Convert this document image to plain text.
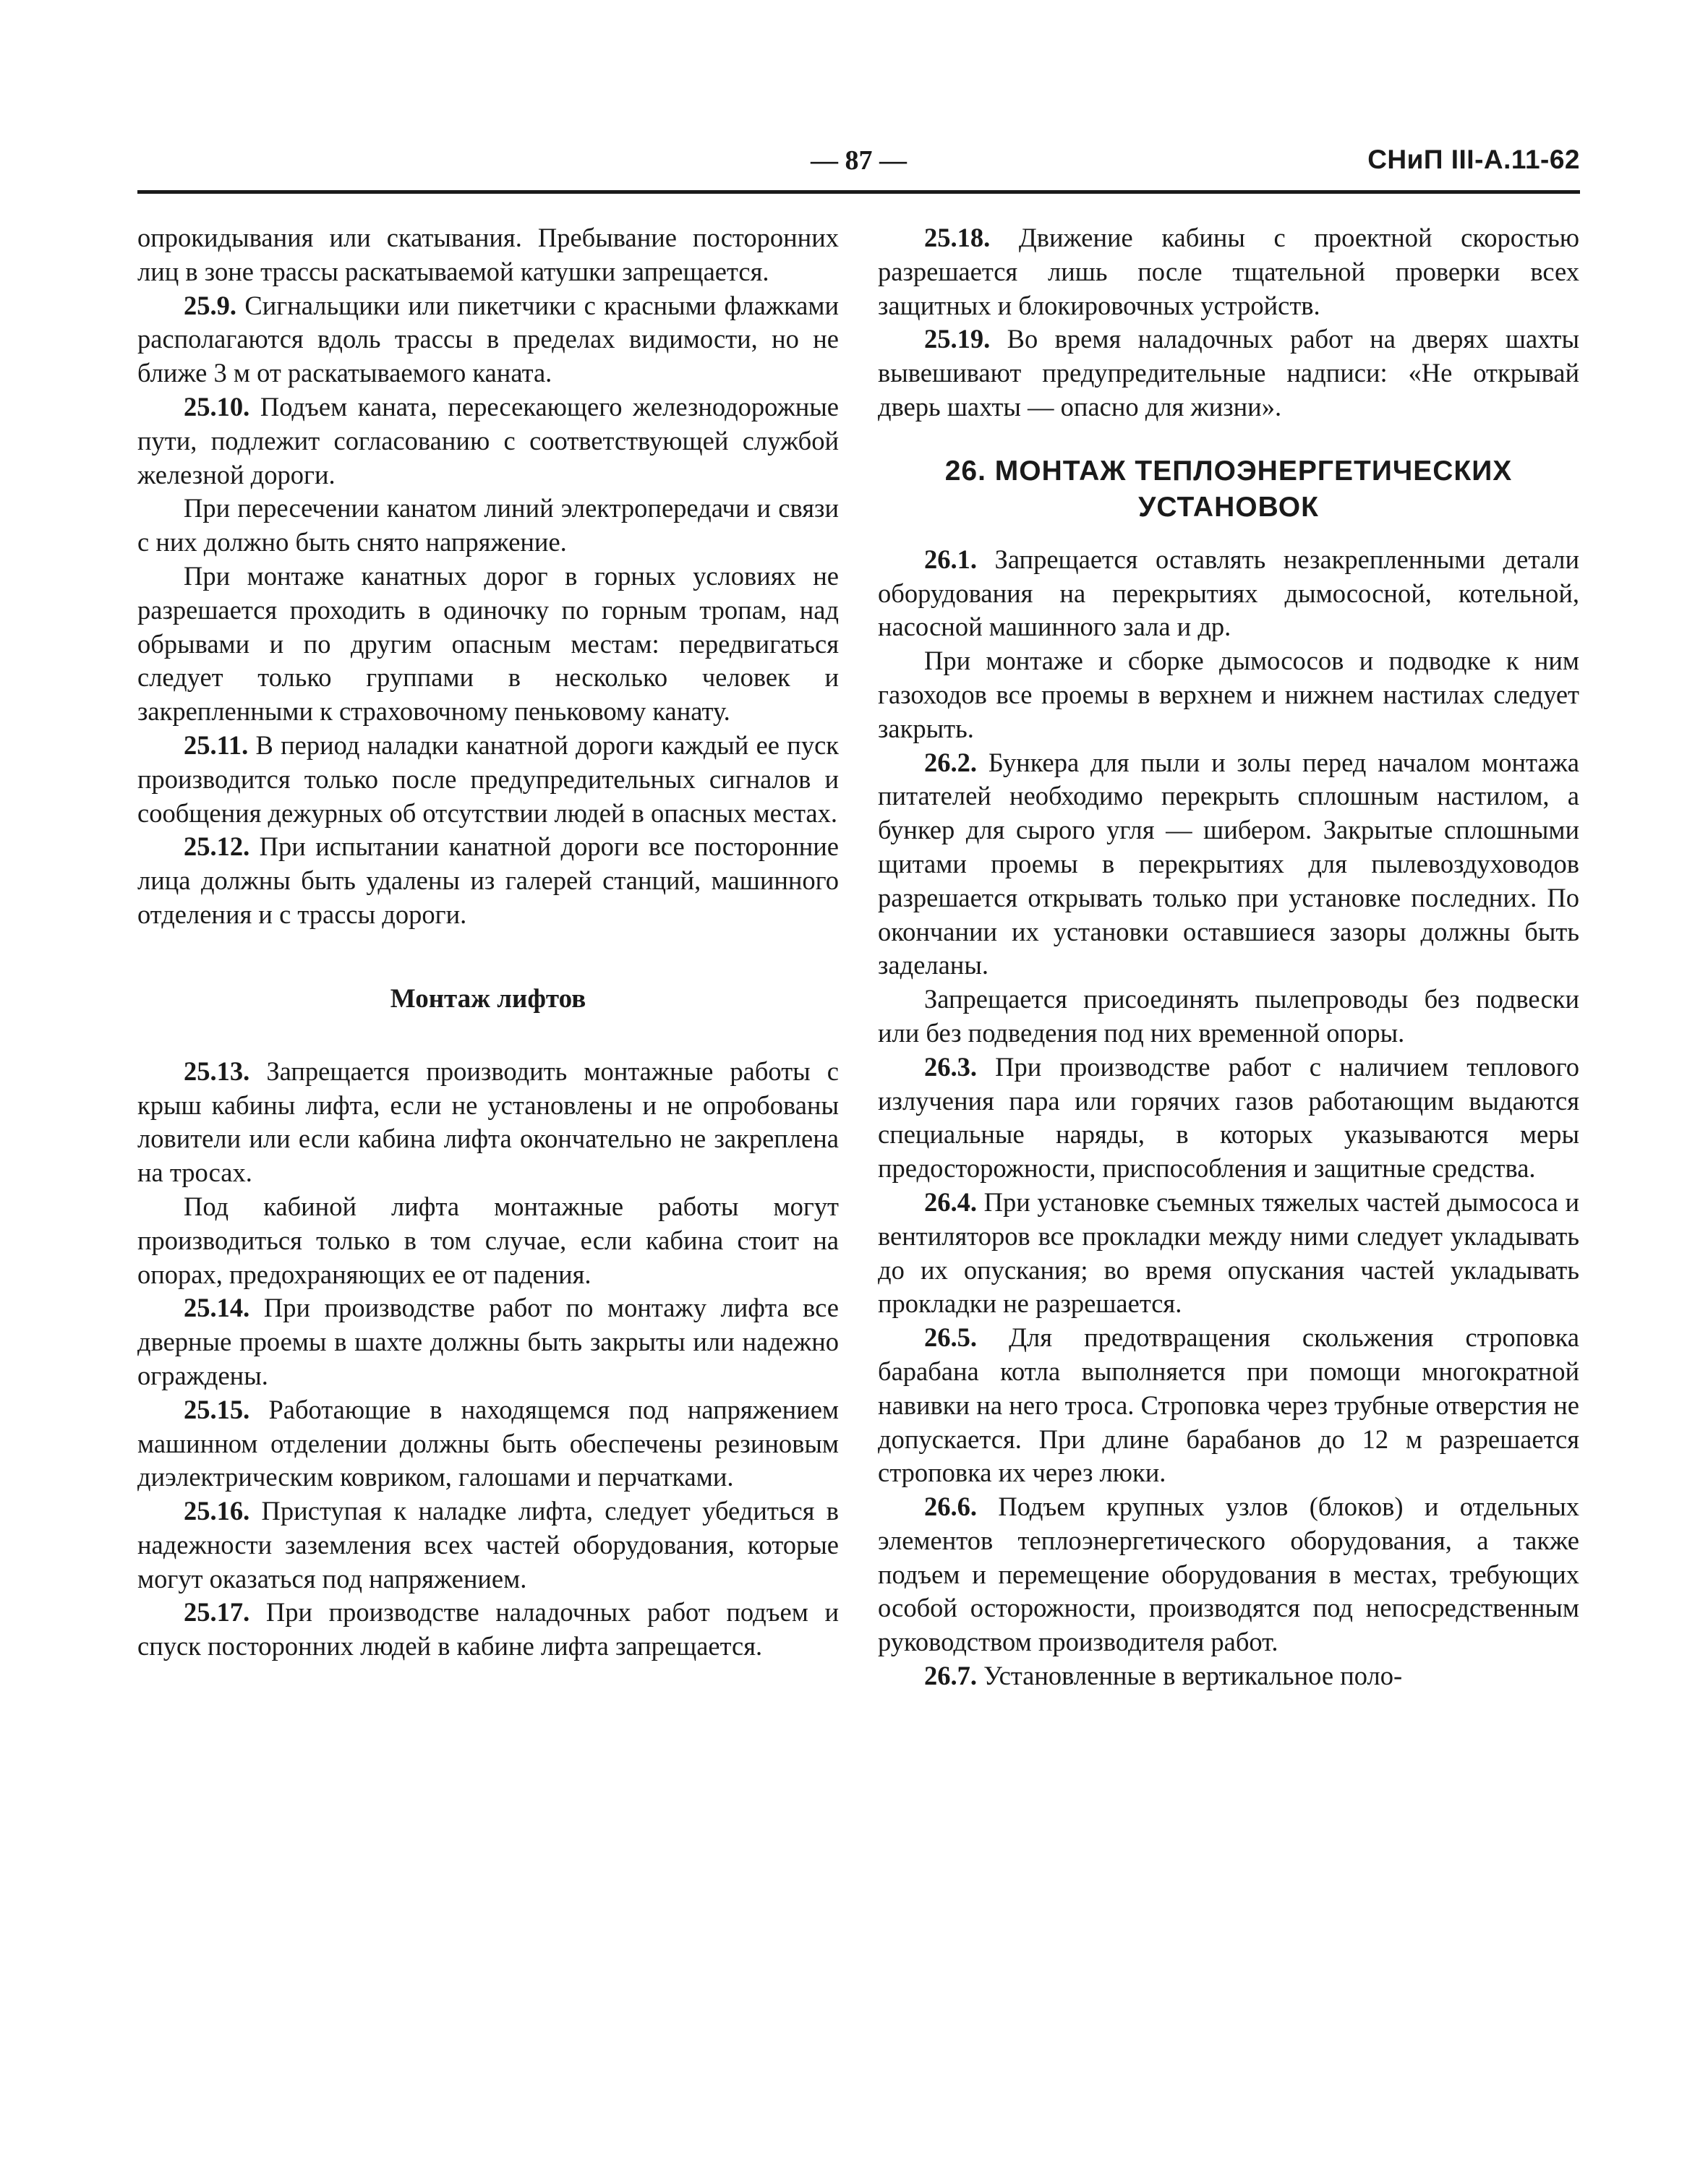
— 87 —	СНиП III-A.11-62

опрокидывания или скатывания. Пребывание посторонних лиц в зоне трассы раскатываемой катушки запрещается.

25.9. Сигнальщики или пикетчики с красными флажками располагаются вдоль трассы в пределах видимости, но не ближе 3 м от раскатываемого каната.

25.10. Подъем каната, пересекающего железнодорожные пути, подлежит согласованию с соответствующей службой железной дороги.

При пересечении канатом линий электропередачи и связи с них должно быть снято напряжение.

При монтаже канатных дорог в горных условиях не разрешается проходить в одиночку по горным тропам, над обрывами и по другим опасным местам: передвигаться следует только группами в несколько человек и закрепленными к страховочному пеньковому канату.

25.11. В период наладки канатной дороги каждый ее пуск производится только после предупредительных сигналов и сообщения дежурных об отсутствии людей в опасных местах.

25.12. При испытании канатной дороги все посторонние лица должны быть удалены из галерей станций, машинного отделения и с трассы дороги.

Монтаж лифтов

25.13. Запрещается производить монтажные работы с крыш кабины лифта, если не установлены и не опробованы ловители или если кабина лифта окончательно не закреплена на тросах.

Под кабиной лифта монтажные работы могут производиться только в том случае, если кабина стоит на опорах, предохраняющих ее от падения.

25.14. При производстве работ по монтажу лифта все дверные проемы в шахте должны быть закрыты или надежно ограждены.

25.15. Работающие в находящемся под напряжением машинном отделении должны быть обеспечены резиновым диэлектрическим ковриком, галошами и перчатками.

25.16. Приступая к наладке лифта, следует убедиться в надежности заземления всех частей оборудования, которые могут оказаться под напряжением.

25.17. При производстве наладочных работ подъем и спуск посторонних людей в кабине лифта запрещается.

25.18. Движение кабины с проектной скоростью разрешается лишь после тщательной проверки всех защитных и блокировочных устройств.

25.19. Во время наладочных работ на дверях шахты вывешивают предупредительные надписи: «Не открывай дверь шахты — опасно для жизни».

26. МОНТАЖ ТЕПЛОЭНЕРГЕТИЧЕСКИХ
УСТАНОВОК

26.1. Запрещается оставлять незакрепленными детали оборудования на перекрытиях дымососной, котельной, насосной машинного зала и др.

При монтаже и сборке дымососов и подводке к ним газоходов все проемы в верхнем и нижнем настилах следует закрыть.

26.2. Бункера для пыли и золы перед началом монтажа питателей необходимо перекрыть сплошным настилом, а бункер для сырого угля — шибером. Закрытые сплошными щитами проемы в перекрытиях для пылевоздуховодов разрешается открывать только при установке последних. По окончании их установки оставшиеся зазоры должны быть заделаны.

Запрещается присоединять пылепроводы без подвески или без подведения под них временной опоры.

26.3. При производстве работ с наличием теплового излучения пара или горячих газов работающим выдаются специальные наряды, в которых указываются меры предосторожности, приспособления и защитные средства.

26.4. При установке съемных тяжелых частей дымососа и вентиляторов все прокладки между ними следует укладывать до их опускания; во время опускания частей укладывать прокладки не разрешается.

26.5. Для предотвращения скольжения строповка барабана котла выполняется при помощи многократной навивки на него троса. Строповка через трубные отверстия не допускается. При длине барабанов до 12 м разрешается строповка их через люки.

26.6. Подъем крупных узлов (блоков) и отдельных элементов теплоэнергетического оборудования, а также подъем и перемещение оборудования в местах, требующих особой осторожности, производятся под непосредственным руководством производителя работ.

26.7. Установленные в вертикальное поло-
